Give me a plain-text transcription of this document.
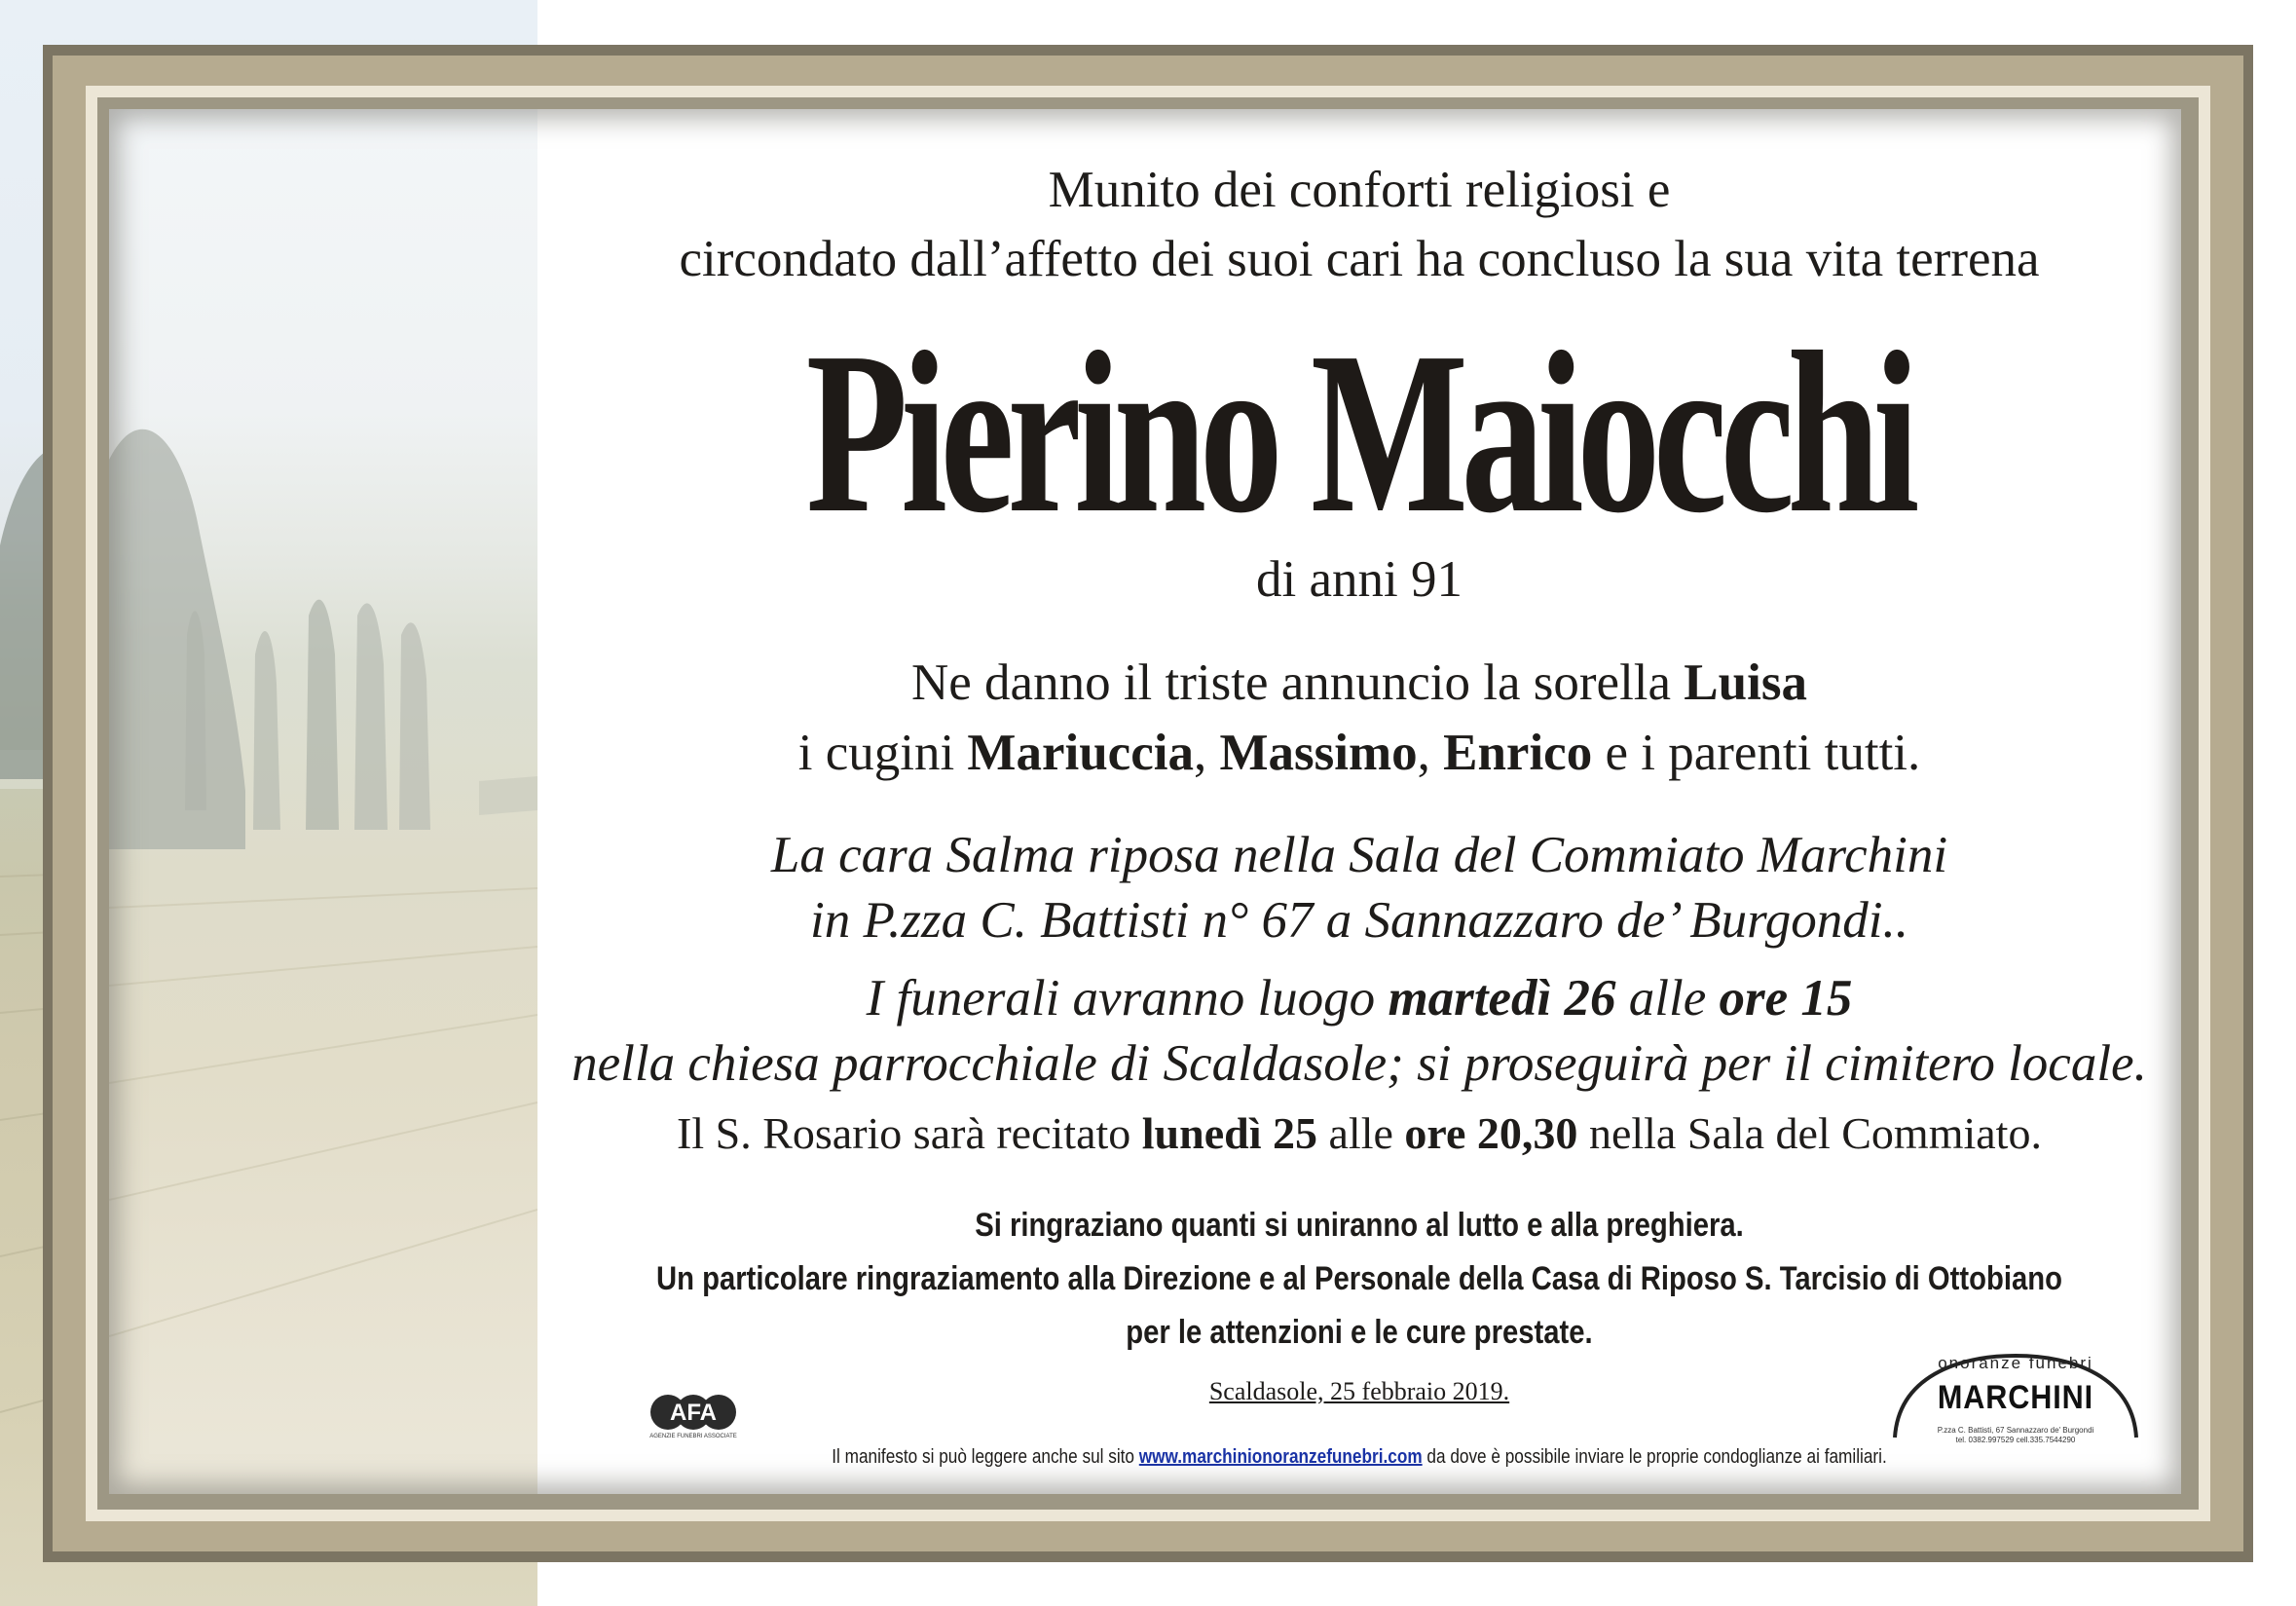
Munito dei conforti religiosi e
circondato dall’affetto dei suoi cari ha concluso la sua vita terrena
Pierino Maiocchi
di anni 91
Ne danno il triste annuncio la sorella Luisa
i cugini Mariuccia, Massimo, Enrico e i parenti tutti.
La cara Salma riposa nella Sala del Commiato Marchini
in P.zza C. Battisti n° 67 a Sannazzaro de’ Burgondi..
I funerali avranno luogo martedì 26 alle ore 15
nella chiesa parrocchiale di Scaldasole; si proseguirà per il cimitero locale.
Il S. Rosario sarà recitato lunedì 25 alle ore 20,30 nella Sala del Commiato.
Si ringraziano quanti si uniranno al lutto e alla preghiera.
Un particolare ringraziamento alla Direzione e al Personale della Casa di Riposo S. Tarcisio di Ottobiano
per le attenzioni e le cure prestate.
Scaldasole, 25 febbraio 2019.
Il manifesto si può leggere anche sul sito www.marchinionoranzefunebri.com da dove è possibile inviare le proprie condoglianze ai familiari.
AFA
AGENZIE FUNEBRI ASSOCIATE
onoranze funebri
MARCHINI
P.zza C. Battisti, 67 Sannazzaro de' Burgondi
tel. 0382.997529 cell.335.7544290
